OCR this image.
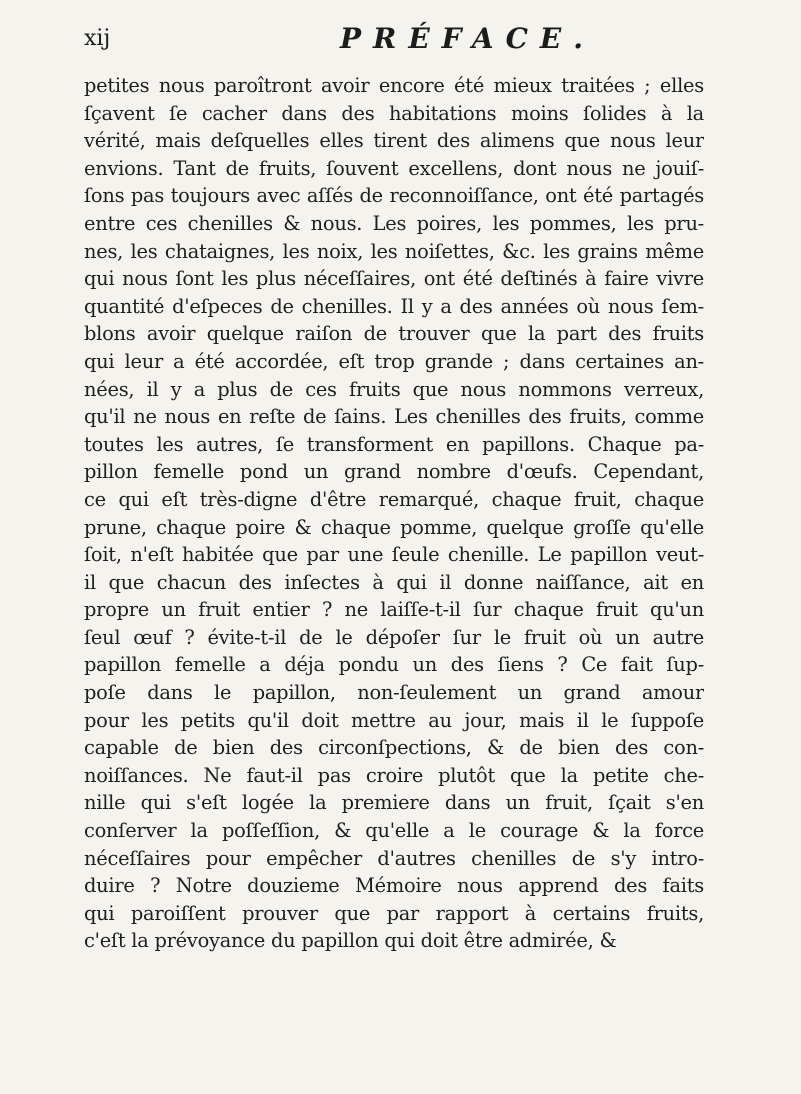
xij	PRÉFACE.
petites nous paroîtront avoir encore été mieux traitées ; elles
ſçavent ſe cacher dans des habitations moins ſolides à la
vérité, mais deſquelles elles tirent des alimens que nous leur
envions. Tant de fruits, ſouvent excellens, dont nous ne jouiſ-
ſons pas toujours avec aſſés de reconnoiſſance, ont été partagés
entre ces chenilles & nous. Les poires, les pommes, les pru-
nes, les chataignes, les noix, les noiſettes, &c. les grains même
qui nous ſont les plus néceſſaires, ont été deſtinés à faire vivre
quantité d'eſpeces de chenilles. Il y a des années où nous ſem-
blons avoir quelque raiſon de trouver que la part des fruits
qui leur a été accordée, eſt trop grande ; dans certaines an-
nées, il y a plus de ces fruits que nous nommons verreux,
qu'il ne nous en reſte de ſains. Les chenilles des fruits, comme
toutes les autres, ſe transforment en papillons. Chaque pa-
pillon femelle pond un grand nombre d'œufs. Cependant,
ce qui eſt très-digne d'être remarqué, chaque fruit, chaque
prune, chaque poire & chaque pomme, quelque groſſe qu'elle
ſoit, n'eſt habitée que par une ſeule chenille. Le papillon veut-
il que chacun des inſectes à qui il donne naiſſance, ait en
propre un fruit entier ? ne laiſſe-t-il ſur chaque fruit qu'un
ſeul œuf ? évite-t-il de le dépoſer ſur le fruit où un autre
papillon femelle a déja pondu un des ſiens ? Ce fait ſup-
poſe dans le papillon, non-ſeulement un grand amour
pour les petits qu'il doit mettre au jour, mais il le ſuppoſe
capable de bien des circonſpections, & de bien des con-
noiſſances. Ne faut-il pas croire plutôt que la petite che-
nille qui s'eſt logée la premiere dans un fruit, ſçait s'en
conſerver la poſſeſſion, & qu'elle a le courage & la force
néceſſaires pour empêcher d'autres chenilles de s'y intro-
duire ? Notre douzieme Mémoire nous apprend des faits
qui paroiſſent prouver que par rapport à certains fruits,
c'eſt la prévoyance du papillon qui doit être admirée, &
